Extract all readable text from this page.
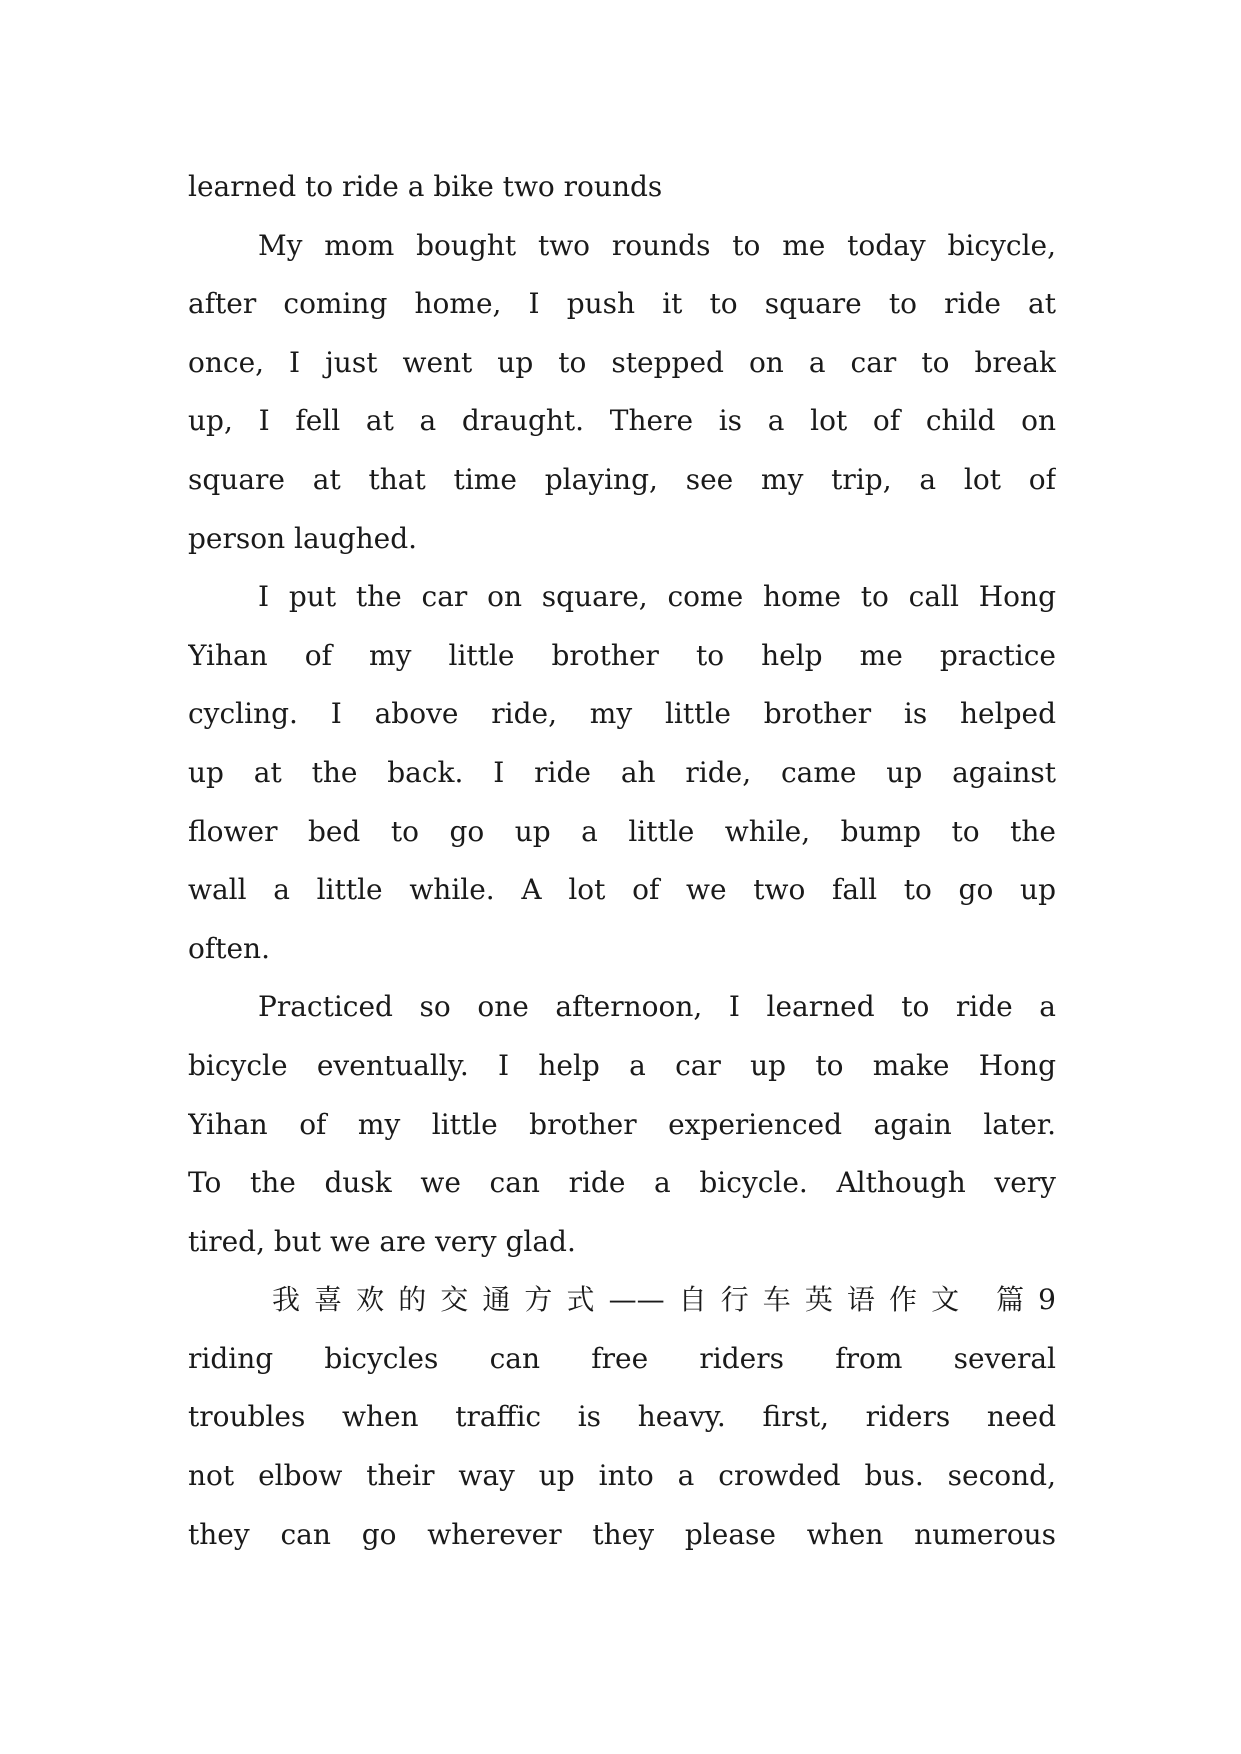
learned to ride a bike two rounds
My mom bought two rounds to me today bicycle,
after coming home, I push it to square to ride at
once, I just went up to stepped on a car to break
up, I fell at a draught. There is a lot of child on
square at that time playing, see my trip, a lot of
person laughed.
I put the car on square, come home to call Hong
Yihan of my little brother to help me practice
cycling. I above ride, my little brother is helped
up at the back. I ride ah ride, came up against
flower bed to go up a little while, bump to the
wall a little while. A lot of we two fall to go up
often.
Practiced so one afternoon, I learned to ride a
bicycle eventually. I help a car up to make Hong
Yihan of my little brother experienced again later.
To the dusk we can ride a bicycle. Although very
tired, but we are very glad.
我喜欢的交通方式——自行车英语作文 篇9
riding bicycles can free riders from several
troubles when traffic is heavy. first, riders need
not elbow their way up into a crowded bus. second,
they can go wherever they please when numerous
